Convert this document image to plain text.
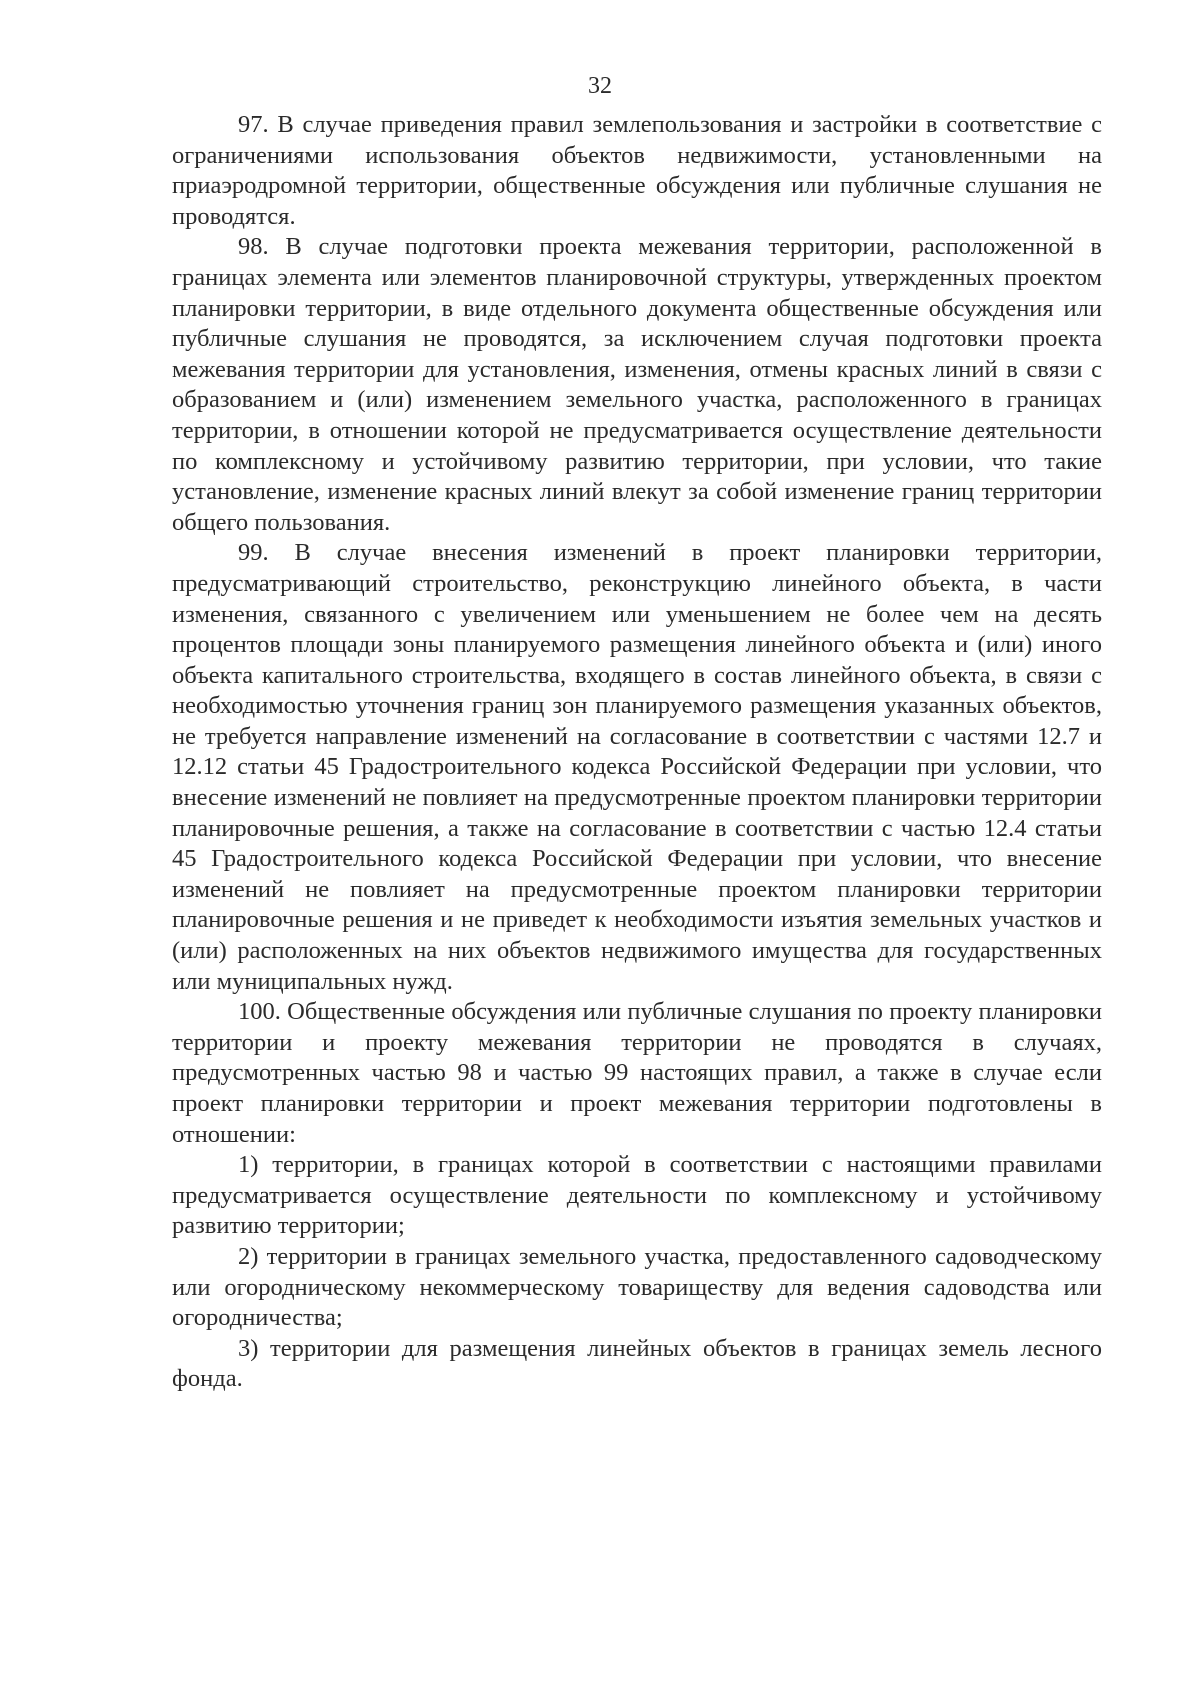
32

97. В случае приведения правил землепользования и застройки в соответствие с ограничениями использования объектов недвижимости, установленными на приаэродромной территории, общественные обсуждения или публичные слушания не проводятся.

98. В случае подготовки проекта межевания территории, расположенной в границах элемента или элементов планировочной структуры, утвержденных проектом планировки территории, в виде отдельного документа общественные обсуждения или публичные слушания не проводятся, за исключением случая подготовки проекта межевания территории для установления, изменения, отмены красных линий в связи с образованием и (или) изменением земельного участка, расположенного в границах территории, в отношении которой не предусматривается осуществление деятельности по комплексному и устойчивому развитию территории, при условии, что такие установление, изменение красных линий влекут за собой изменение границ территории общего пользования.

99. В случае внесения изменений в проект планировки территории, предусматривающий строительство, реконструкцию линейного объекта, в части изменения, связанного с увеличением или уменьшением не более чем на десять процентов площади зоны планируемого размещения линейного объекта и (или) иного объекта капитального строительства, входящего в состав линейного объекта, в связи с необходимостью уточнения границ зон планируемого размещения указанных объектов, не требуется направление изменений на согласование в соответствии с частями 12.7 и 12.12 статьи 45 Градостроительного кодекса Российской Федерации при условии, что внесение изменений не повлияет на предусмотренные проектом планировки территории планировочные решения, а также на согласование в соответствии с частью 12.4 статьи 45 Градостроительного кодекса Российской Федерации при условии, что внесение изменений не повлияет на предусмотренные проектом планировки территории планировочные решения и не приведет к необходимости изъятия земельных участков и (или) расположенных на них объектов недвижимого имущества для государственных или муниципальных нужд.

100. Общественные обсуждения или публичные слушания по проекту планировки территории и проекту межевания территории не проводятся в случаях, предусмотренных частью 98 и частью 99 настоящих правил, а также в случае если проект планировки территории и проект межевания территории подготовлены в отношении:

1) территории, в границах которой в соответствии с настоящими правилами предусматривается осуществление деятельности по комплексному и устойчивому развитию территории;

2) территории в границах земельного участка, предоставленного садоводческому или огородническому некоммерческому товариществу для ведения садоводства или огородничества;

3) территории для размещения линейных объектов в границах земель лесного фонда.
